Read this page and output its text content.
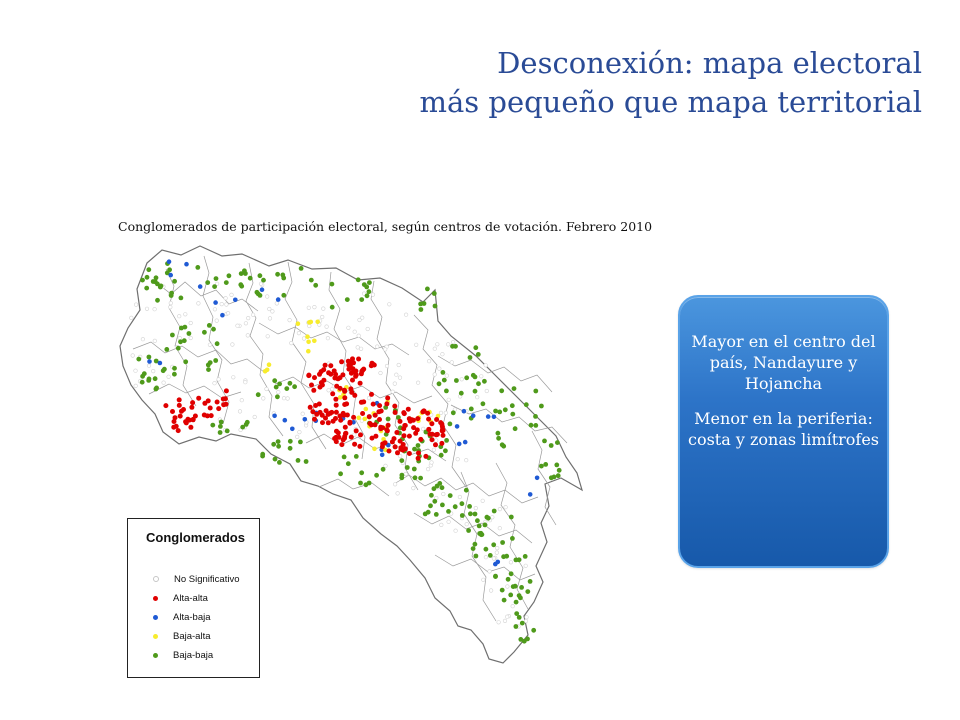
Desconexión: mapa electoral
más pequeño que mapa territorial
Conglomerados de participación electoral, según centros de votación. Febrero 2010
Conglomerados
No Significativo
Alta-alta
Alta-baja
Baja-alta
Baja-baja

Mayor en el centro del país, Nandayure y Hojancha

Menor en la periferia: costa y zonas limítrofes
